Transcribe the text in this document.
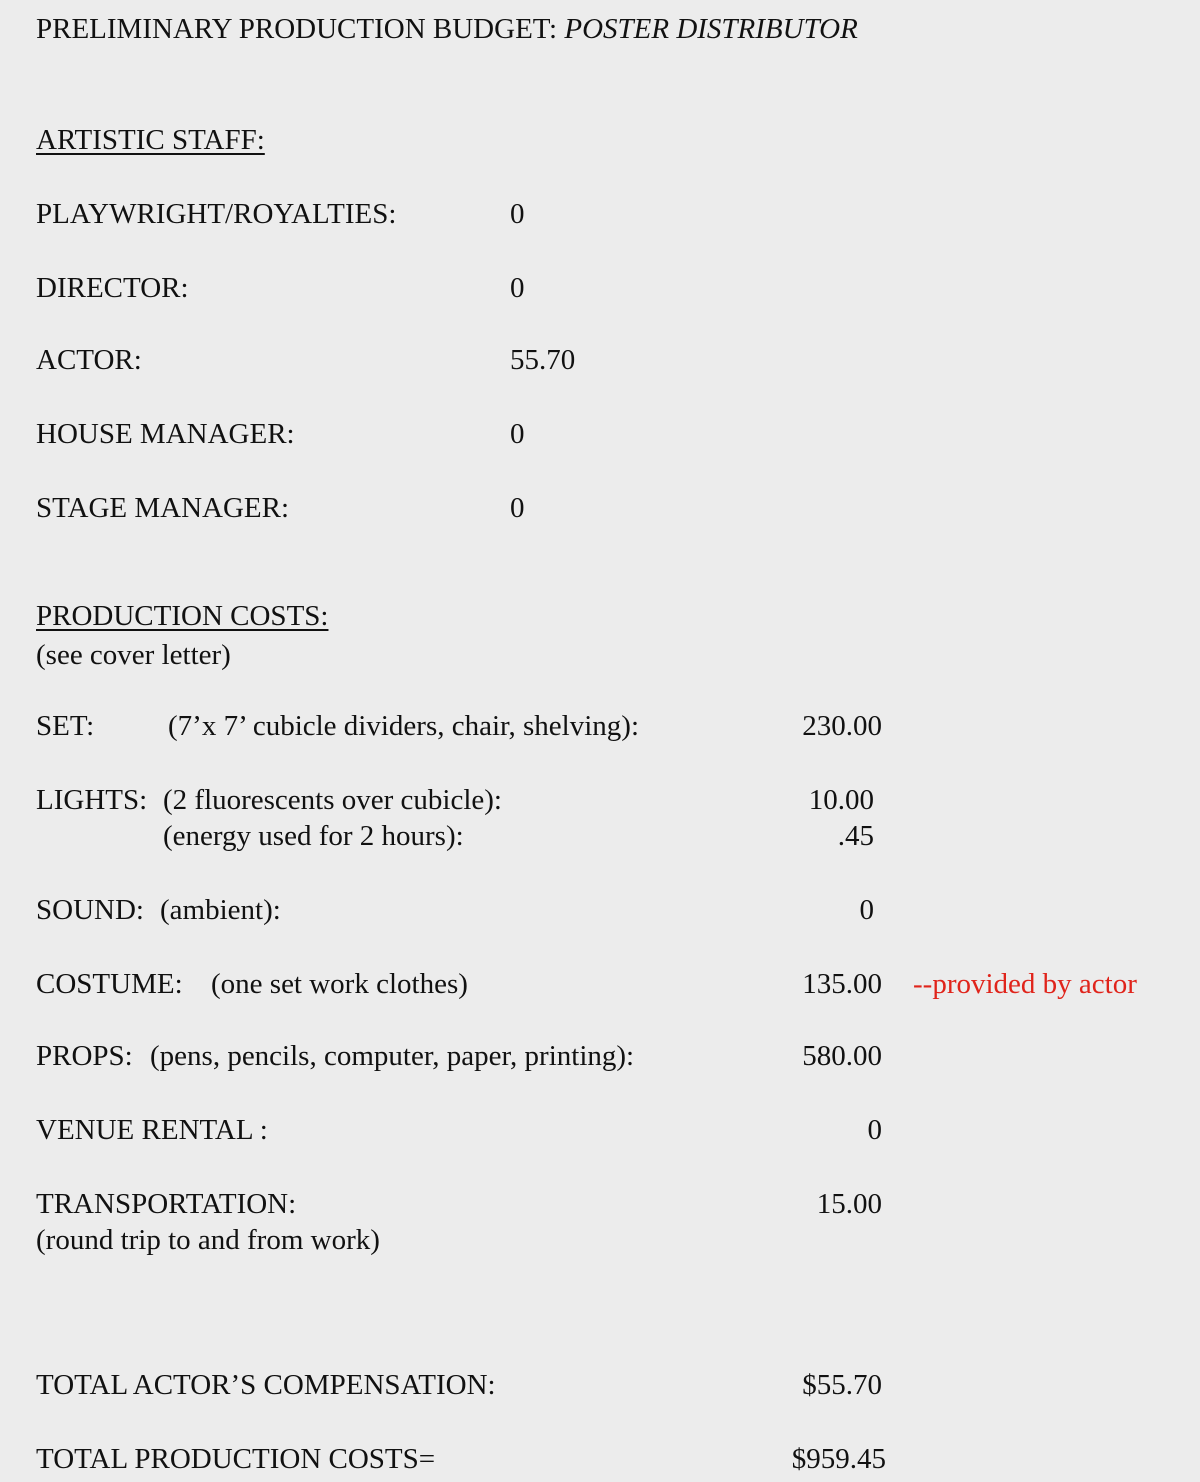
PRELIMINARY PRODUCTION BUDGET: POSTER DISTRIBUTOR
ARTISTIC STAFF:
PLAYWRIGHT/ROYALTIES:	0
DIRECTOR:	0
ACTOR:	55.70
HOUSE MANAGER:	0
STAGE MANAGER:	0
PRODUCTION COSTS:
(see cover letter)
SET:	(7’x 7’ cubicle dividers, chair, shelving):	230.00
LIGHTS: (2 fluorescents over cubicle):	10.00
(energy used for 2 hours):	.45
SOUND: (ambient):	0
COSTUME: (one set work clothes)	135.00 --provided by actor
PROPS: (pens, pencils, computer, paper, printing):	580.00
VENUE RENTAL :	0
TRANSPORTATION:	15.00
(round trip to and from work)
TOTAL ACTOR’S COMPENSATION:	$55.70
TOTAL PRODUCTION COSTS=	$959.45
